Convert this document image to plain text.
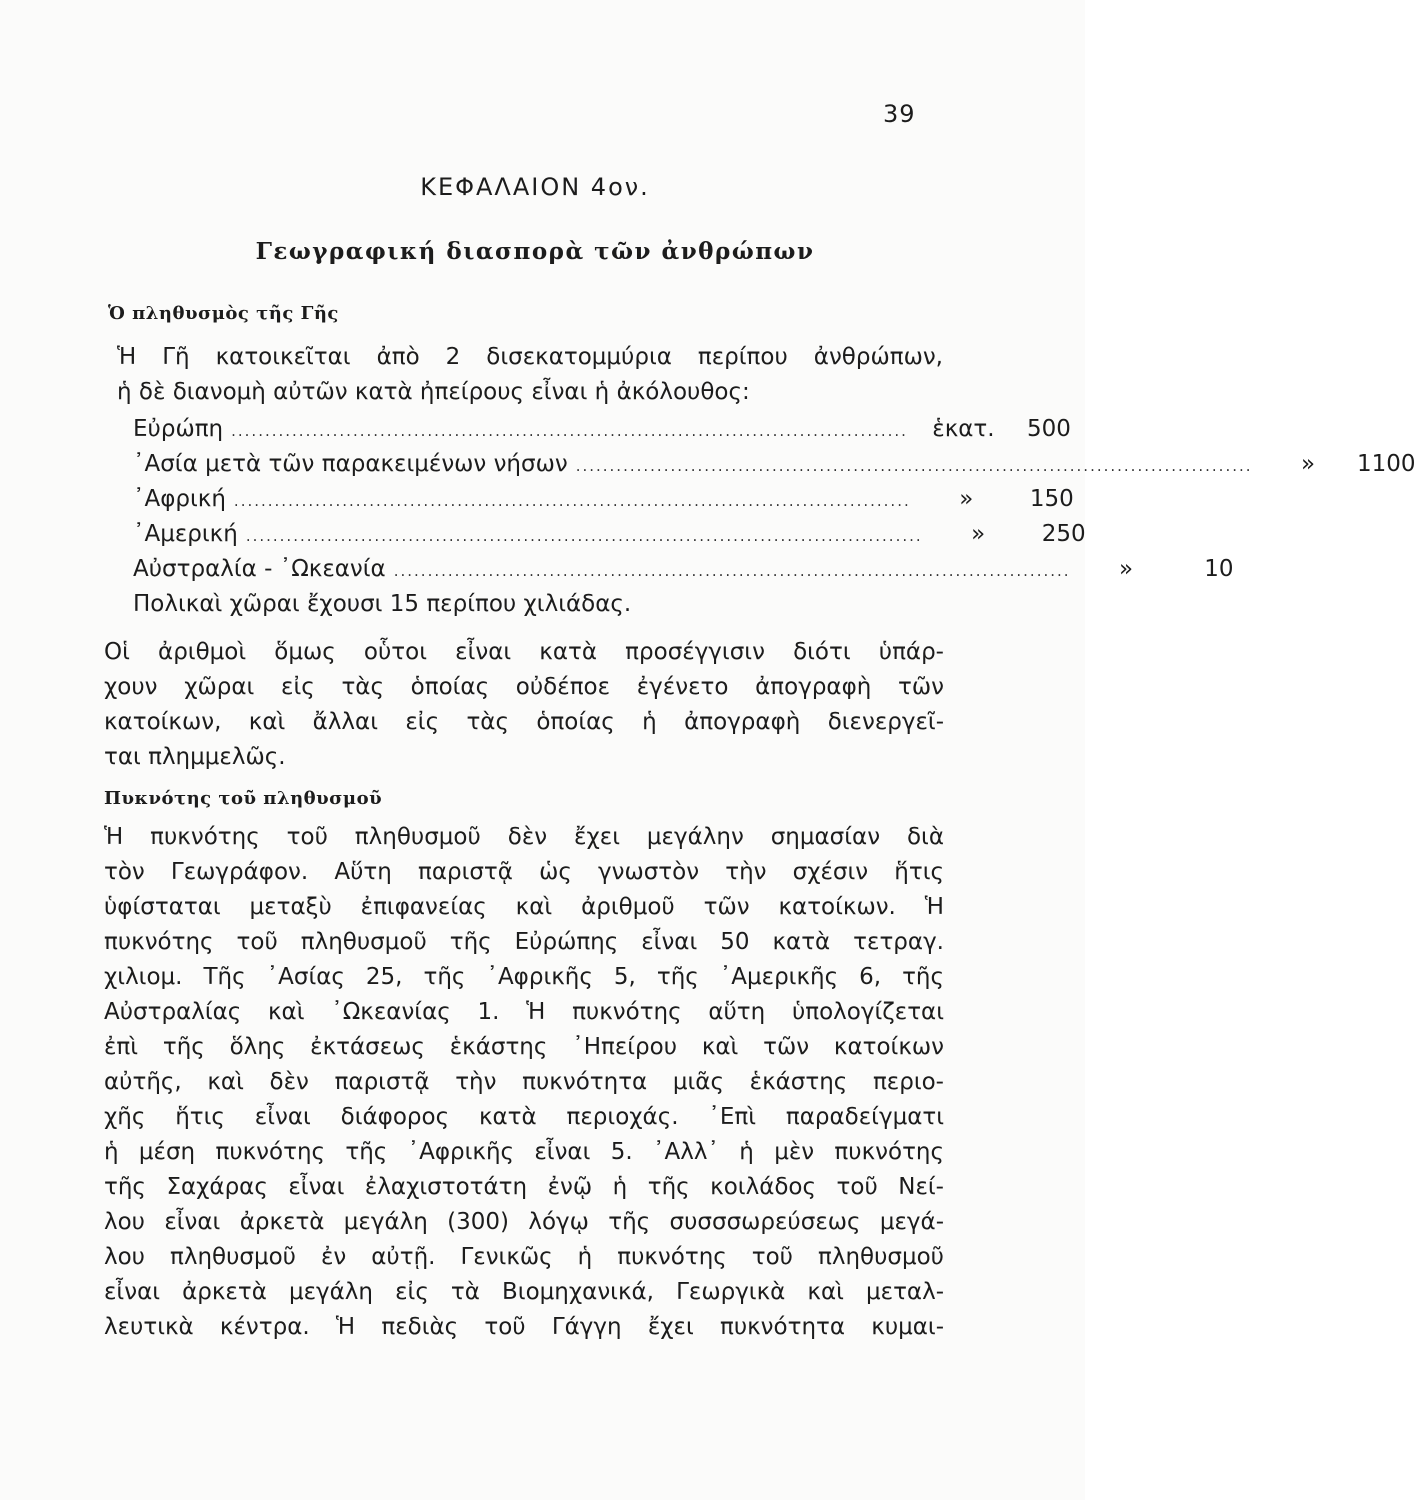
39
ΚΕΦΑΛΑΙΟΝ 4ον.
Γεωγραφική διασπορὰ τῶν ἀνθρώπων
Ὁ πληθυσμὸς τῆς Γῆς
Ἡ Γῆ κατοικεῖται ἀπὸ 2 δισεκατομμύρια περίπου ἀνθρώπων,
ἡ δὲ διανομὴ αὐτῶν κατὰ ἠπείρους εἶναι ἡ ἀκόλουθος:
Εὐρώπη ....................................................................................................	ἑκατ.	500
᾿Ασία μετὰ τῶν παρακειμένων νήσων ....................................................................................................	»	1100
᾿Αφρική ....................................................................................................	»	150
᾿Αμερική ....................................................................................................	»	250
Αὐστραλία - ᾿Ωκεανία ....................................................................................................	»	10
Πολικαὶ χῶραι ἔχουσι 15 περίπου χιλιάδας.
Οἱ ἀριθμοὶ ὅμως οὗτοι εἶναι κατὰ προσέγγισιν διότι ὑπάρ-
χουν χῶραι εἰς τὰς ὁποίας οὐδέποε ἐγένετο ἀπογραφὴ τῶν
κατοίκων, καὶ ἄλλαι εἰς τὰς ὁποίας ἡ ἀπογραφὴ διενεργεῖ-
ται πλημμελῶς.
Πυκνότης τοῦ πληθυσμοῦ
Ἡ πυκνότης τοῦ πληθυσμοῦ δὲν ἔχει μεγάλην σημασίαν διὰ
τὸν Γεωγράφον. Αὕτη παριστᾷ ὡς γνωστὸν τὴν σχέσιν ἥτις
ὑφίσταται μεταξὺ ἐπιφανείας καὶ ἀριθμοῦ τῶν κατοίκων. Ἡ
πυκνότης τοῦ πληθυσμοῦ τῆς Εὐρώπης εἶναι 50 κατὰ τετραγ.
χιλιομ. Τῆς ᾿Ασίας 25, τῆς ᾿Αφρικῆς 5, τῆς ᾿Αμερικῆς 6, τῆς
Αὐστραλίας καὶ ᾿Ωκεανίας 1. Ἡ πυκνότης αὕτη ὑπολογίζεται
ἐπὶ τῆς ὅλης ἐκτάσεως ἑκάστης ᾿Ηπείρου καὶ τῶν κατοίκων
αὐτῆς, καὶ δὲν παριστᾷ τὴν πυκνότητα μιᾶς ἑκάστης περιο-
χῆς ἥτις εἶναι διάφορος κατὰ περιοχάς. ᾿Επὶ παραδείγματι
ἡ μέση πυκνότης τῆς ᾿Αφρικῆς εἶναι 5. ᾿Αλλ᾿ ἡ μὲν πυκνότης
τῆς Σαχάρας εἶναι ἐλαχιστοτάτη ἐνῷ ἡ τῆς κοιλάδος τοῦ Νεί-
λου εἶναι ἀρκετὰ μεγάλη (300) λόγῳ τῆς συσσσωρεύσεως μεγά-
λου πληθυσμοῦ ἐν αὐτῇ. Γενικῶς ἡ πυκνότης τοῦ πληθυσμοῦ
εἶναι ἀρκετὰ μεγάλη εἰς τὰ Βιομηχανικά, Γεωργικὰ καὶ μεταλ-
λευτικὰ κέντρα. Ἡ πεδιὰς τοῦ Γάγγη ἔχει πυκνότητα κυμαι-
